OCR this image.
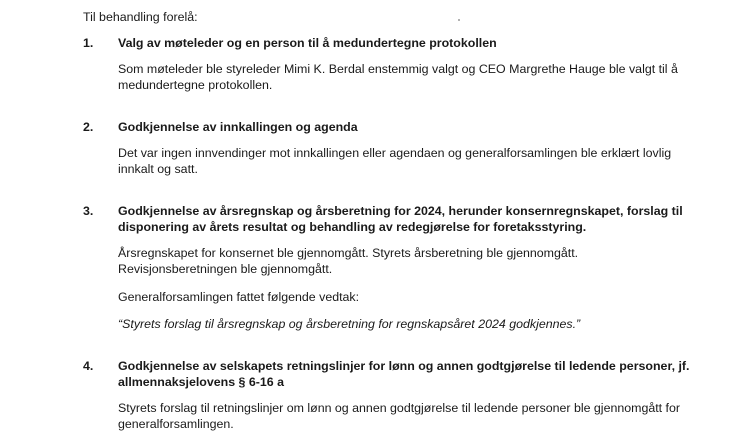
Til behandling forelå:
1. Valg av møteleder og en person til å medundertegne protokollen
Som møteleder ble styreleder Mimi K. Berdal enstemmig valgt og CEO Margrethe Hauge ble valgt til å medundertegne protokollen.
2. Godkjennelse av innkallingen og agenda
Det var ingen innvendinger mot innkallingen eller agendaen og generalforsamlingen ble erklært lovlig innkalt og satt.
3. Godkjennelse av årsregnskap og årsberetning for 2024, herunder konsernregnskapet, forslag til disponering av årets resultat og behandling av redegjørelse for foretaksstyring.
Årsregnskapet for konsernet ble gjennomgått. Styrets årsberetning ble gjennomgått. Revisjonsberetningen ble gjennomgått.
Generalforsamlingen fattet følgende vedtak:
“Styrets forslag til årsregnskap og årsberetning for regnskapsåret 2024 godkjennes.”
4. Godkjennelse av selskapets retningslinjer for lønn og annen godtgjørelse til ledende personer, jf. allmennaksjelovens § 6-16 a
Styrets forslag til retningslinjer om lønn og annen godtgjørelse til ledende personer ble gjennomgått for generalforsamlingen.
